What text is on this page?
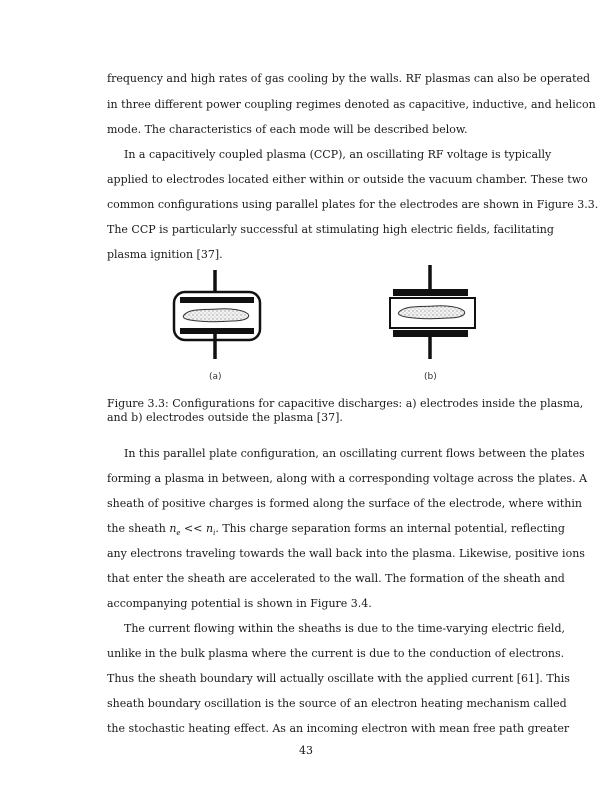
frequency and high rates of gas cooling by the walls. RF plasmas can also be operated
in three different power coupling regimes denoted as capacitive, inductive, and helicon
mode. The characteristics of each mode will be described below.
In a capacitively coupled plasma (CCP), an oscillating RF voltage is typically
applied to electrodes located either within or outside the vacuum chamber. These two
common configurations using parallel plates for the electrodes are shown in Figure 3.3.
The CCP is particularly successful at stimulating high electric fields, facilitating
plasma ignition [37].
(a)	(b)
Figure 3.3: Configurations for capacitive discharges: a) electrodes inside the plasma,
and b) electrodes outside the plasma [37].
In this parallel plate configuration, an oscillating current flows between the plates
forming a plasma in between, along with a corresponding voltage across the plates. A
sheath of positive charges is formed along the surface of the electrode, where within
the sheath $n_e << n_i$. This charge separation forms an internal potential, reflecting
any electrons traveling towards the wall back into the plasma. Likewise, positive ions
that enter the sheath are accelerated to the wall. The formation of the sheath and
accompanying potential is shown in Figure 3.4.
The current flowing within the sheaths is due to the time-varying electric field,
unlike in the bulk plasma where the current is due to the conduction of electrons.
Thus the sheath boundary will actually oscillate with the applied current [61]. This
sheath boundary oscillation is the source of an electron heating mechanism called
the stochastic heating effect. As an incoming electron with mean free path greater
43
